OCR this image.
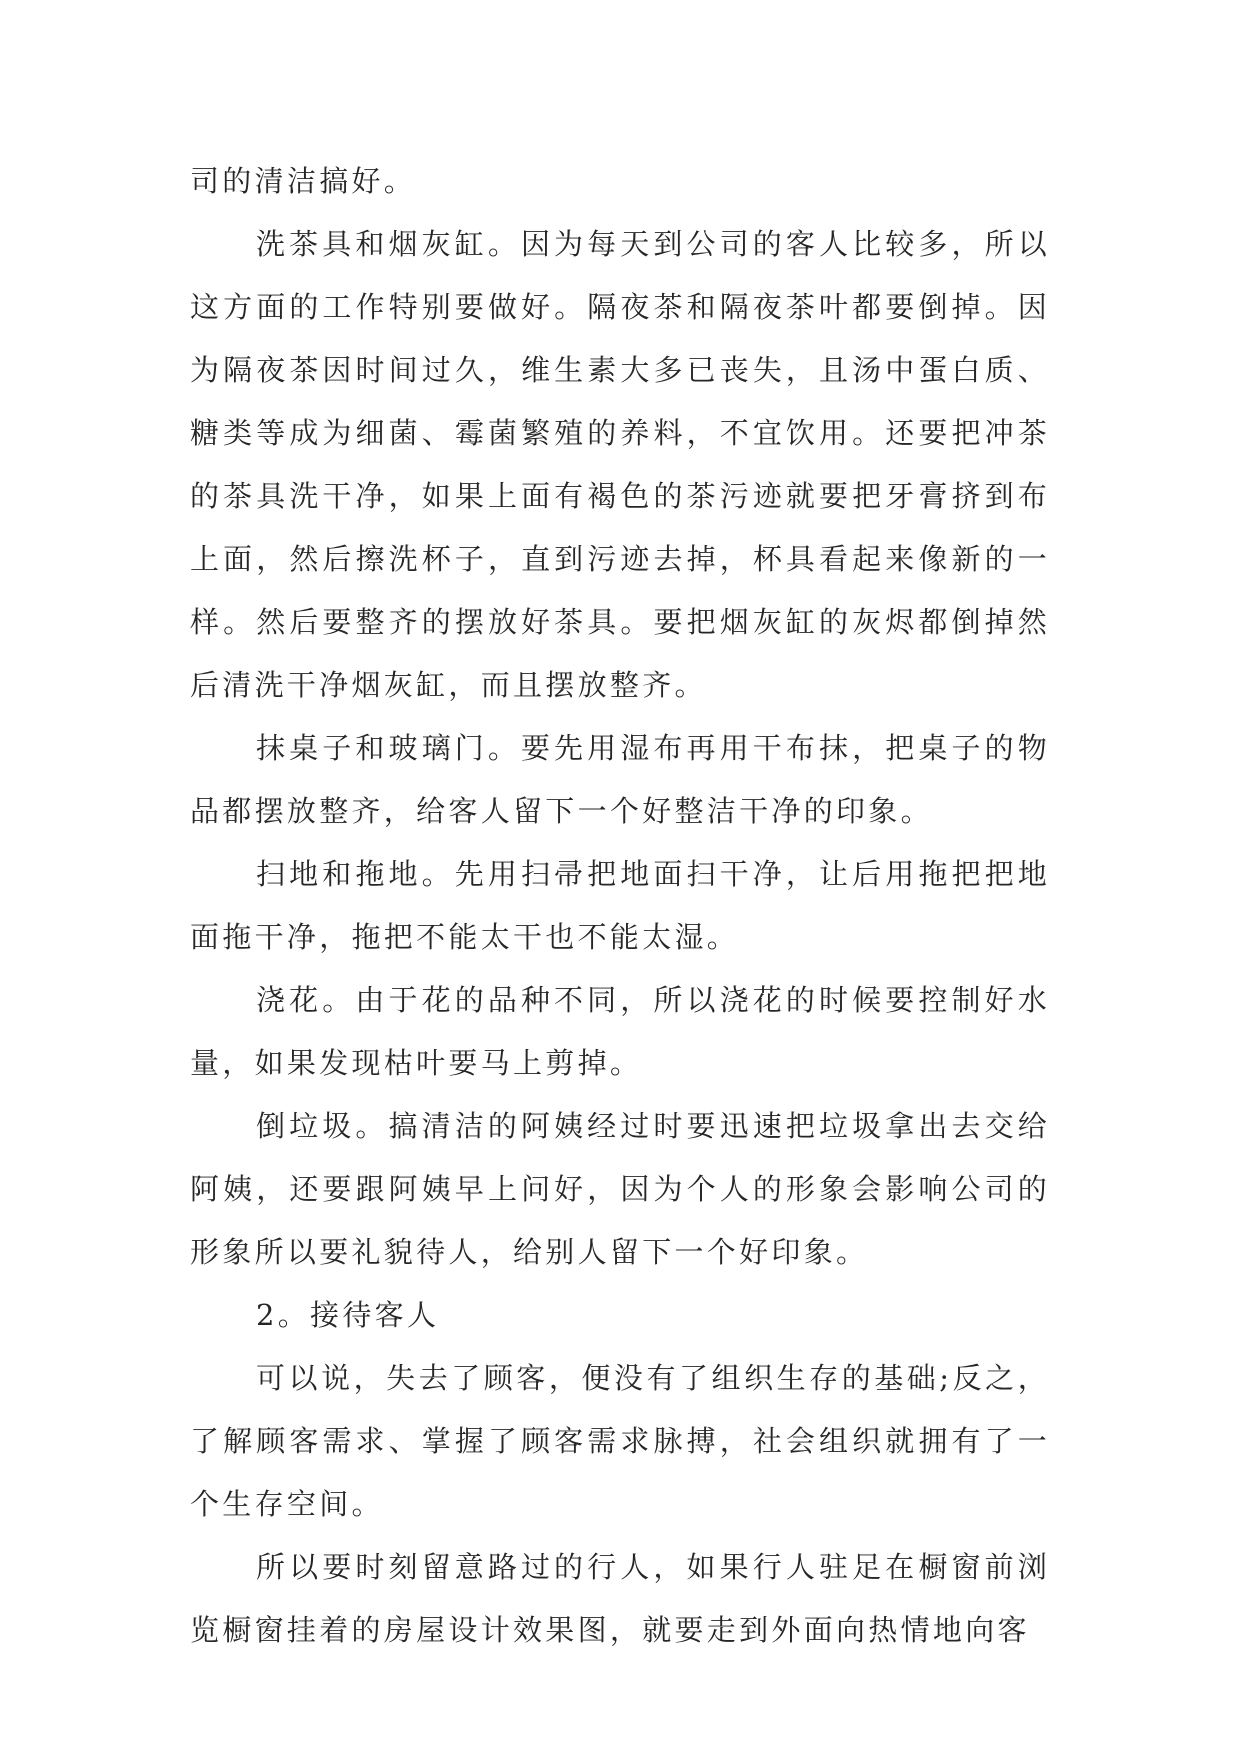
司的清洁搞好。

洗茶具和烟灰缸。因为每天到公司的客人比较多，所以这方面的工作特别要做好。隔夜茶和隔夜茶叶都要倒掉。因为隔夜茶因时间过久，维生素大多已丧失，且汤中蛋白质、糖类等成为细菌、霉菌繁殖的养料，不宜饮用。还要把冲茶的茶具洗干净，如果上面有褐色的茶污迹就要把牙膏挤到布上面，然后擦洗杯子，直到污迹去掉，杯具看起来像新的一样。然后要整齐的摆放好茶具。要把烟灰缸的灰烬都倒掉然后清洗干净烟灰缸，而且摆放整齐。

抹桌子和玻璃门。要先用湿布再用干布抹，把桌子的物品都摆放整齐，给客人留下一个好整洁干净的印象。

扫地和拖地。先用扫帚把地面扫干净，让后用拖把把地面拖干净，拖把不能太干也不能太湿。

浇花。由于花的品种不同，所以浇花的时候要控制好水量，如果发现枯叶要马上剪掉。

倒垃圾。搞清洁的阿姨经过时要迅速把垃圾拿出去交给阿姨，还要跟阿姨早上问好，因为个人的形象会影响公司的形象所以要礼貌待人，给别人留下一个好印象。

2。接待客人

可以说，失去了顾客，便没有了组织生存的基础;反之，了解顾客需求、掌握了顾客需求脉搏，社会组织就拥有了一个生存空间。

所以要时刻留意路过的行人，如果行人驻足在橱窗前浏览橱窗挂着的房屋设计效果图，就要走到外面向热情地向客
